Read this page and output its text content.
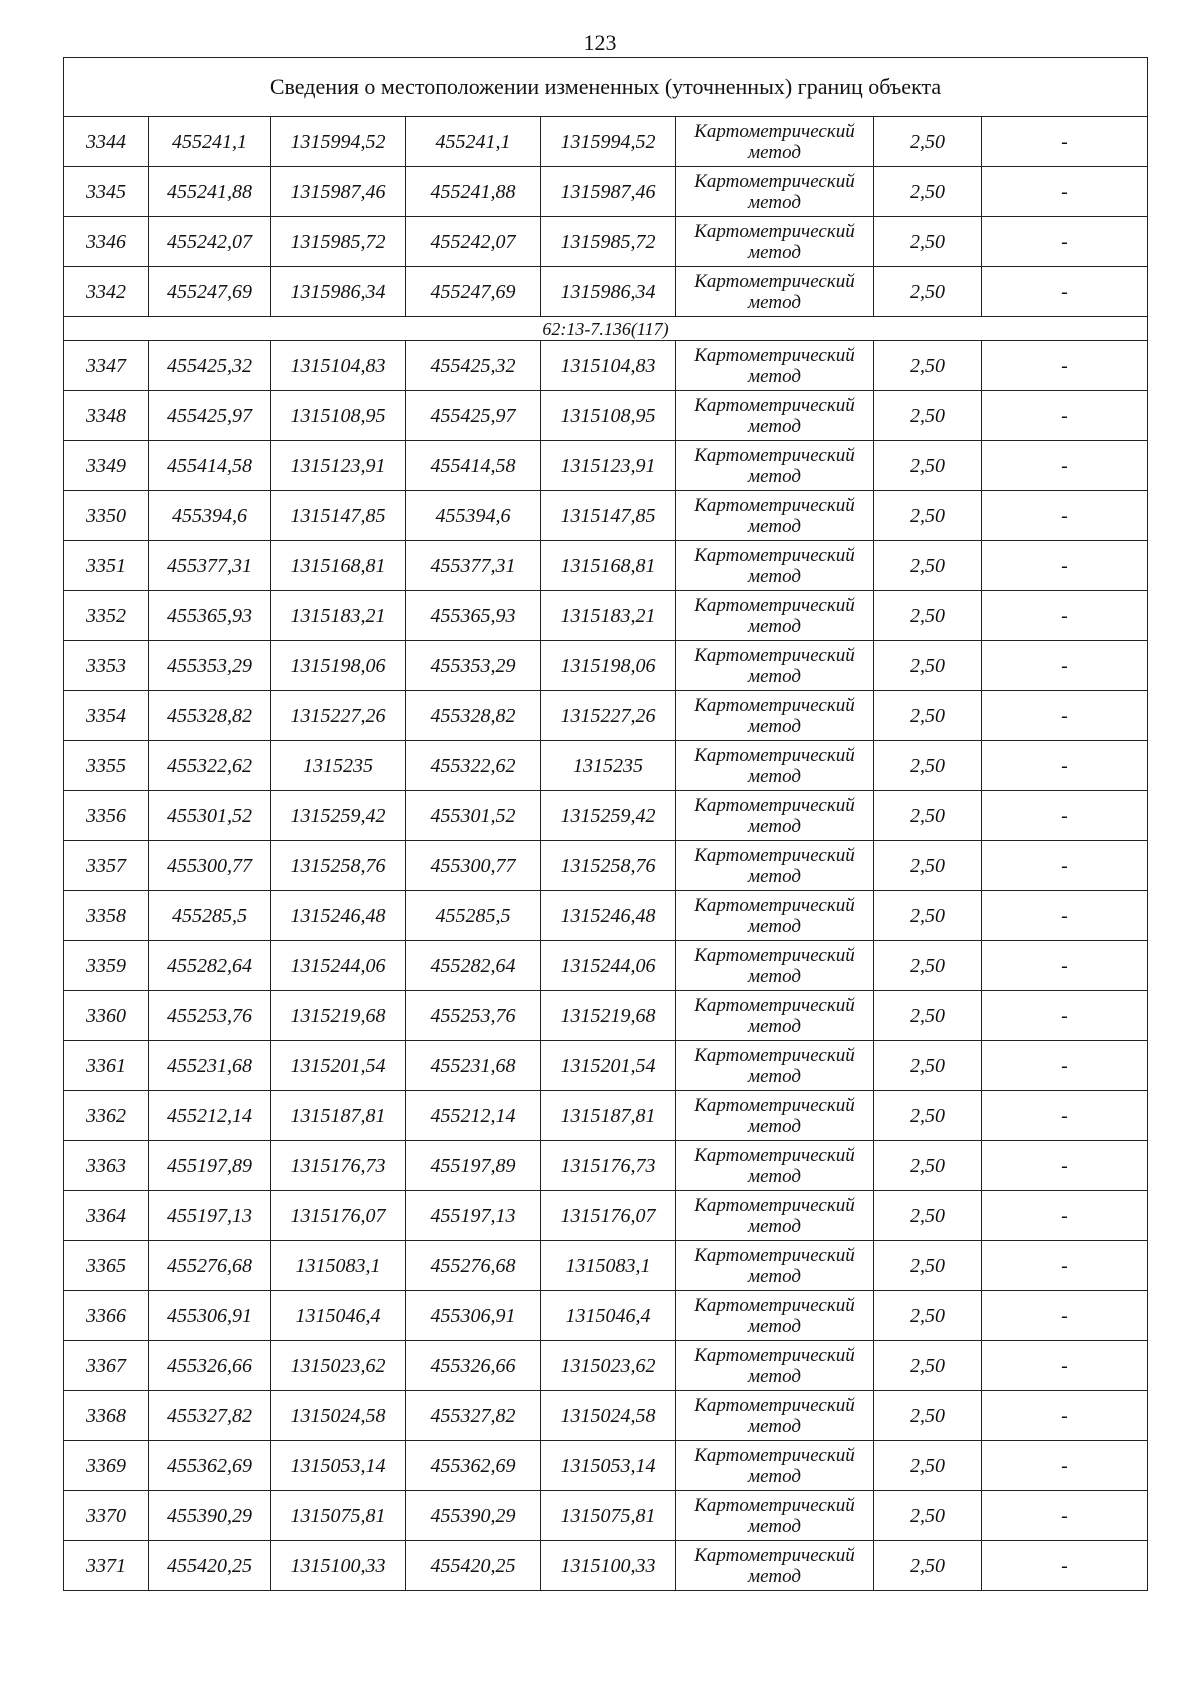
123
Сведения о местоположении измененных (уточненных) границ объекта							
3344	455241,1	1315994,52	455241,1	1315994,52	Картометрический метод	2,50	-
3345	455241,88	1315987,46	455241,88	1315987,46	Картометрический метод	2,50	-
3346	455242,07	1315985,72	455242,07	1315985,72	Картометрический метод	2,50	-
3342	455247,69	1315986,34	455247,69	1315986,34	Картометрический метод	2,50	-
62:13-7.136(117)							
3347	455425,32	1315104,83	455425,32	1315104,83	Картометрический метод	2,50	-
3348	455425,97	1315108,95	455425,97	1315108,95	Картометрический метод	2,50	-
3349	455414,58	1315123,91	455414,58	1315123,91	Картометрический метод	2,50	-
3350	455394,6	1315147,85	455394,6	1315147,85	Картометрический метод	2,50	-
3351	455377,31	1315168,81	455377,31	1315168,81	Картометрический метод	2,50	-
3352	455365,93	1315183,21	455365,93	1315183,21	Картометрический метод	2,50	-
3353	455353,29	1315198,06	455353,29	1315198,06	Картометрический метод	2,50	-
3354	455328,82	1315227,26	455328,82	1315227,26	Картометрический метод	2,50	-
3355	455322,62	1315235	455322,62	1315235	Картометрический метод	2,50	-
3356	455301,52	1315259,42	455301,52	1315259,42	Картометрический метод	2,50	-
3357	455300,77	1315258,76	455300,77	1315258,76	Картометрический метод	2,50	-
3358	455285,5	1315246,48	455285,5	1315246,48	Картометрический метод	2,50	-
3359	455282,64	1315244,06	455282,64	1315244,06	Картометрический метод	2,50	-
3360	455253,76	1315219,68	455253,76	1315219,68	Картометрический метод	2,50	-
3361	455231,68	1315201,54	455231,68	1315201,54	Картометрический метод	2,50	-
3362	455212,14	1315187,81	455212,14	1315187,81	Картометрический метод	2,50	-
3363	455197,89	1315176,73	455197,89	1315176,73	Картометрический метод	2,50	-
3364	455197,13	1315176,07	455197,13	1315176,07	Картометрический метод	2,50	-
3365	455276,68	1315083,1	455276,68	1315083,1	Картометрический метод	2,50	-
3366	455306,91	1315046,4	455306,91	1315046,4	Картометрический метод	2,50	-
3367	455326,66	1315023,62	455326,66	1315023,62	Картометрический метод	2,50	-
3368	455327,82	1315024,58	455327,82	1315024,58	Картометрический метод	2,50	-
3369	455362,69	1315053,14	455362,69	1315053,14	Картометрический метод	2,50	-
3370	455390,29	1315075,81	455390,29	1315075,81	Картометрический метод	2,50	-
3371	455420,25	1315100,33	455420,25	1315100,33	Картометрический метод	2,50	-
